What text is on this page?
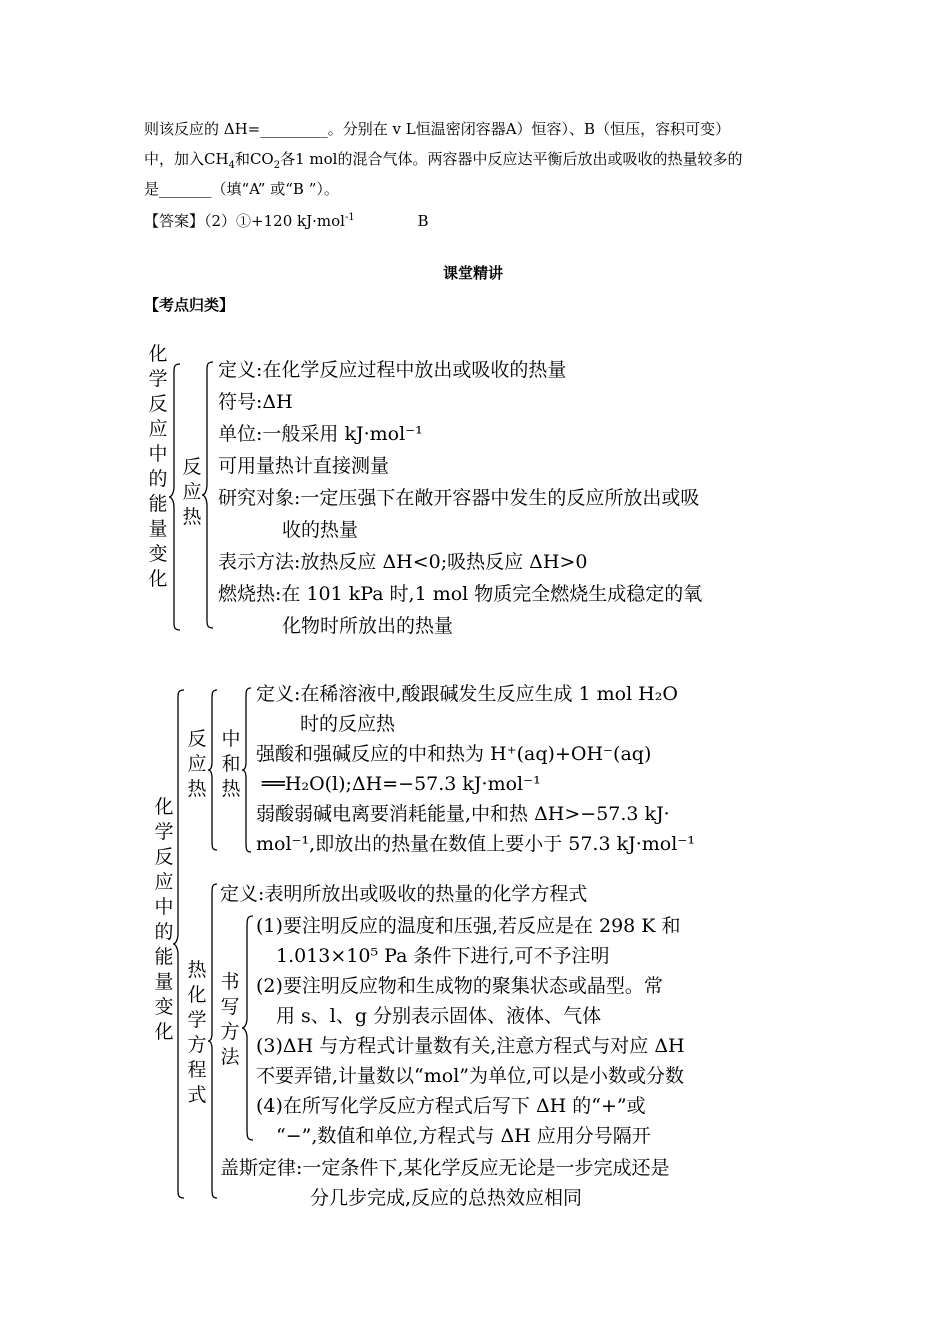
则该反应的 ΔH=_________。分别在 v L恒温密闭容器A）恒容）、B（恒压，容积可变）
中，加入$CH_4$和$CO_2$各1 mol的混合气体。两容器中反应达平衡后放出或吸收的热量较多的
是_______（填“A” 或“B ”）。
【答案】（2）①+120 kJ·mol$^{-1}$	B
课堂精讲
【考点归类】
化学反应中的能量变化
反应热
定义:在化学反应过程中放出或吸收的热量
符号:ΔH
单位:一般采用 kJ·mol⁻¹
可用量热计直接测量
研究对象:一定压强下在敞开容器中发生的反应所放出或吸
收的热量
表示方法:放热反应 ΔH<0;吸热反应 ΔH>0
燃烧热:在 101 kPa 时,1 mol 物质完全燃烧生成稳定的氧
化物时所放出的热量
化学反应中的能量变化
反应热
中和热
定义:在稀溶液中,酸跟碱发生反应生成 1 mol H₂O
时的反应热
强酸和强碱反应的中和热为 H⁺(aq)+OH⁻(aq)
══H₂O(l);ΔH=−57.3 kJ·mol⁻¹
弱酸弱碱电离要消耗能量,中和热 ΔH>−57.3 kJ·
mol⁻¹,即放出的热量在数值上要小于 57.3 kJ·mol⁻¹
热化学方程式
定义:表明所放出或吸收的热量的化学方程式
书写方法
(1)要注明反应的温度和压强,若反应是在 298 K 和
1.013×10⁵ Pa 条件下进行,可不予注明
(2)要注明反应物和生成物的聚集状态或晶型。常
用 s、l、g 分别表示固体、液体、气体
(3)ΔH 与方程式计量数有关,注意方程式与对应 ΔH
不要弄错,计量数以“mol”为单位,可以是小数或分数
(4)在所写化学反应方程式后写下 ΔH 的“+”或
“−”,数值和单位,方程式与 ΔH 应用分号隔开
盖斯定律:一定条件下,某化学反应无论是一步完成还是
分几步完成,反应的总热效应相同
